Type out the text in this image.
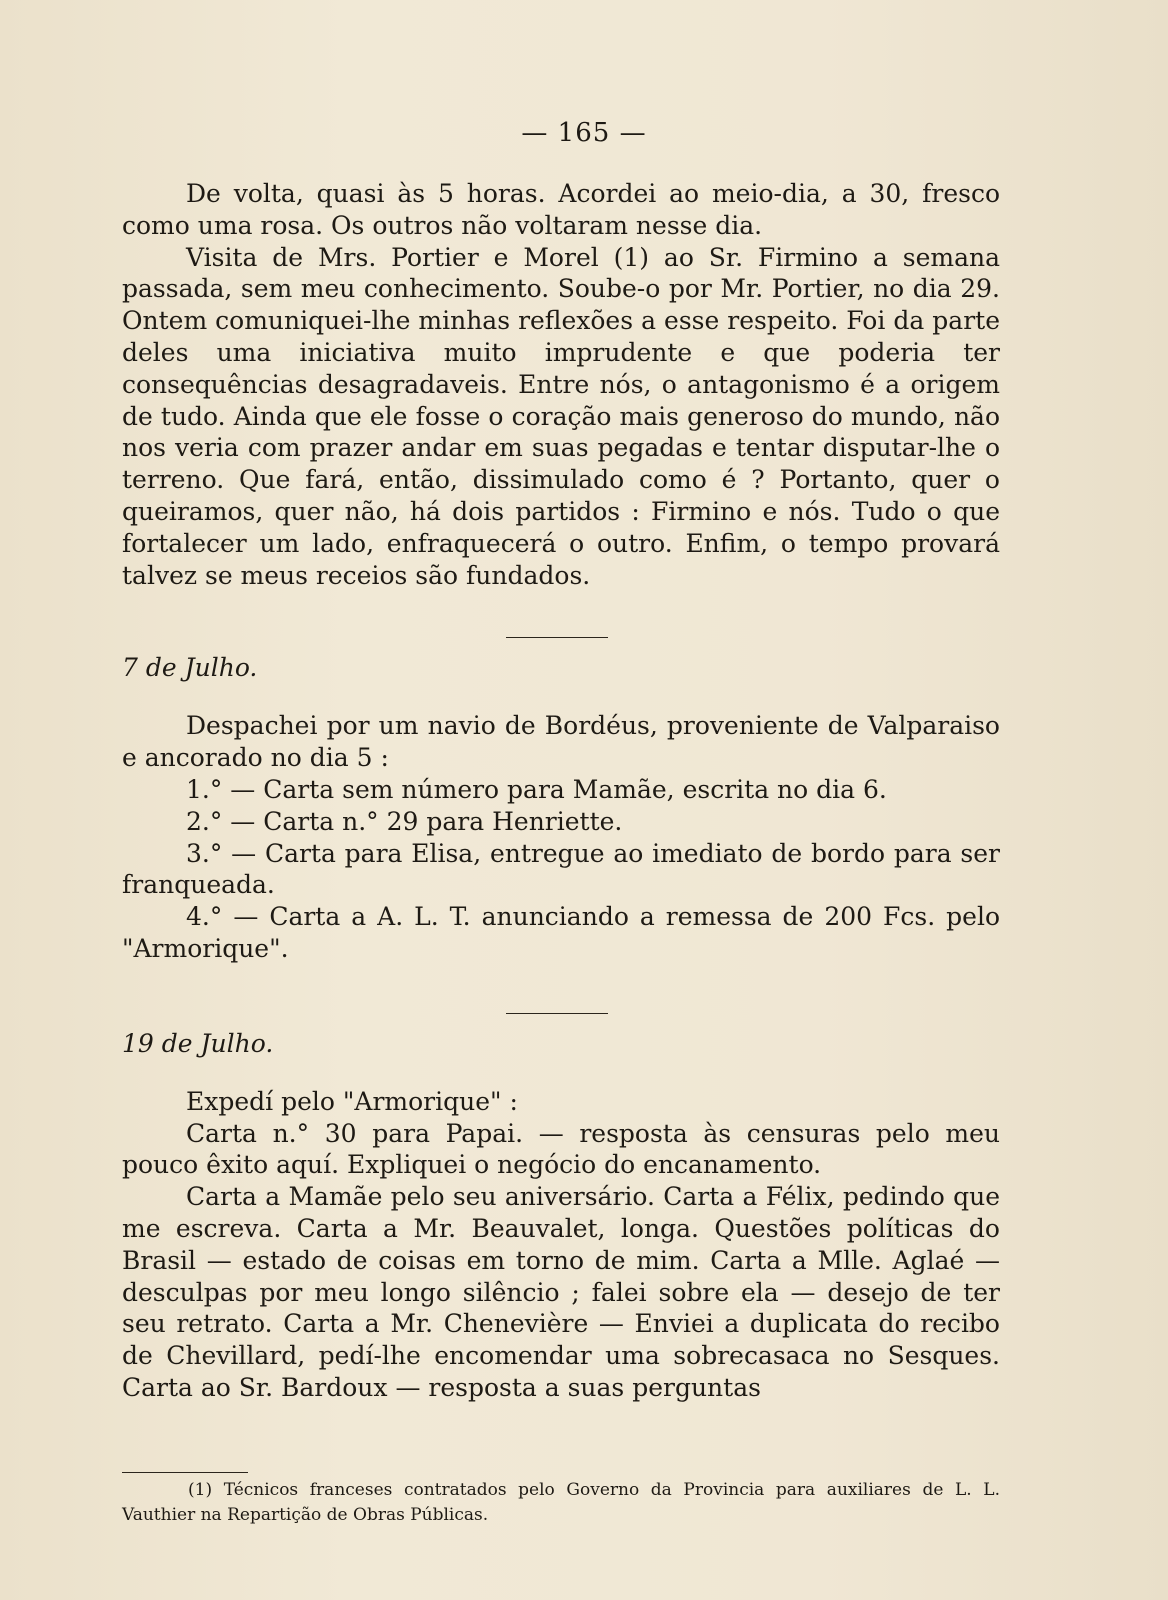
— 165 —

De volta, quasi às 5 horas. Acordei ao meio-dia, a 30, fresco como uma rosa. Os outros não voltaram nesse dia.

Visita de Mrs. Portier e Morel (1) ao Sr. Firmino a semana passada, sem meu conhecimento. Soube-o por Mr. Portier, no dia 29. Ontem comuniquei-lhe minhas reflexões a esse respeito. Foi da parte deles uma iniciativa muito imprudente e que poderia ter consequências desagradaveis. Entre nós, o antagonismo é a origem de tudo. Ainda que ele fosse o coração mais generoso do mundo, não nos veria com prazer andar em suas pegadas e tentar disputar-lhe o terreno. Que fará, então, dissimulado como é ? Portanto, quer o queiramos, quer não, há dois partidos : Firmino e nós. Tudo o que fortalecer um lado, enfraquecerá o outro. Enfim, o tempo provará talvez se meus receios são fundados.

7 de Julho.

Despachei por um navio de Bordéus, proveniente de Valparaiso e ancorado no dia 5 :

1.° — Carta sem número para Mamãe, escrita no dia 6.

2.° — Carta n.° 29 para Henriette.

3.° — Carta para Elisa, entregue ao imediato de bordo para ser franqueada.

4.° — Carta a A. L. T. anunciando a remessa de 200 Fcs. pelo "Armorique".

19 de Julho.

Expedí pelo "Armorique" :

Carta n.° 30 para Papai. — resposta às censuras pelo meu pouco êxito aquí. Expliquei o negócio do encanamento.

Carta a Mamãe pelo seu aniversário. Carta a Félix, pedindo que me escreva. Carta a Mr. Beauvalet, longa. Questões políticas do Brasil — estado de coisas em torno de mim. Carta a Mlle. Aglaé — desculpas por meu longo silêncio ; falei sobre ela — desejo de ter seu retrato. Carta a Mr. Chenevière — Enviei a duplicata do recibo de Chevillard, pedí-lhe encomendar uma sobrecasaca no Sesques. Carta ao Sr. Bardoux — resposta a suas perguntas

(1) Técnicos franceses contratados pelo Governo da Provincia para auxiliares de L. L. Vauthier na Repartição de Obras Públicas.
